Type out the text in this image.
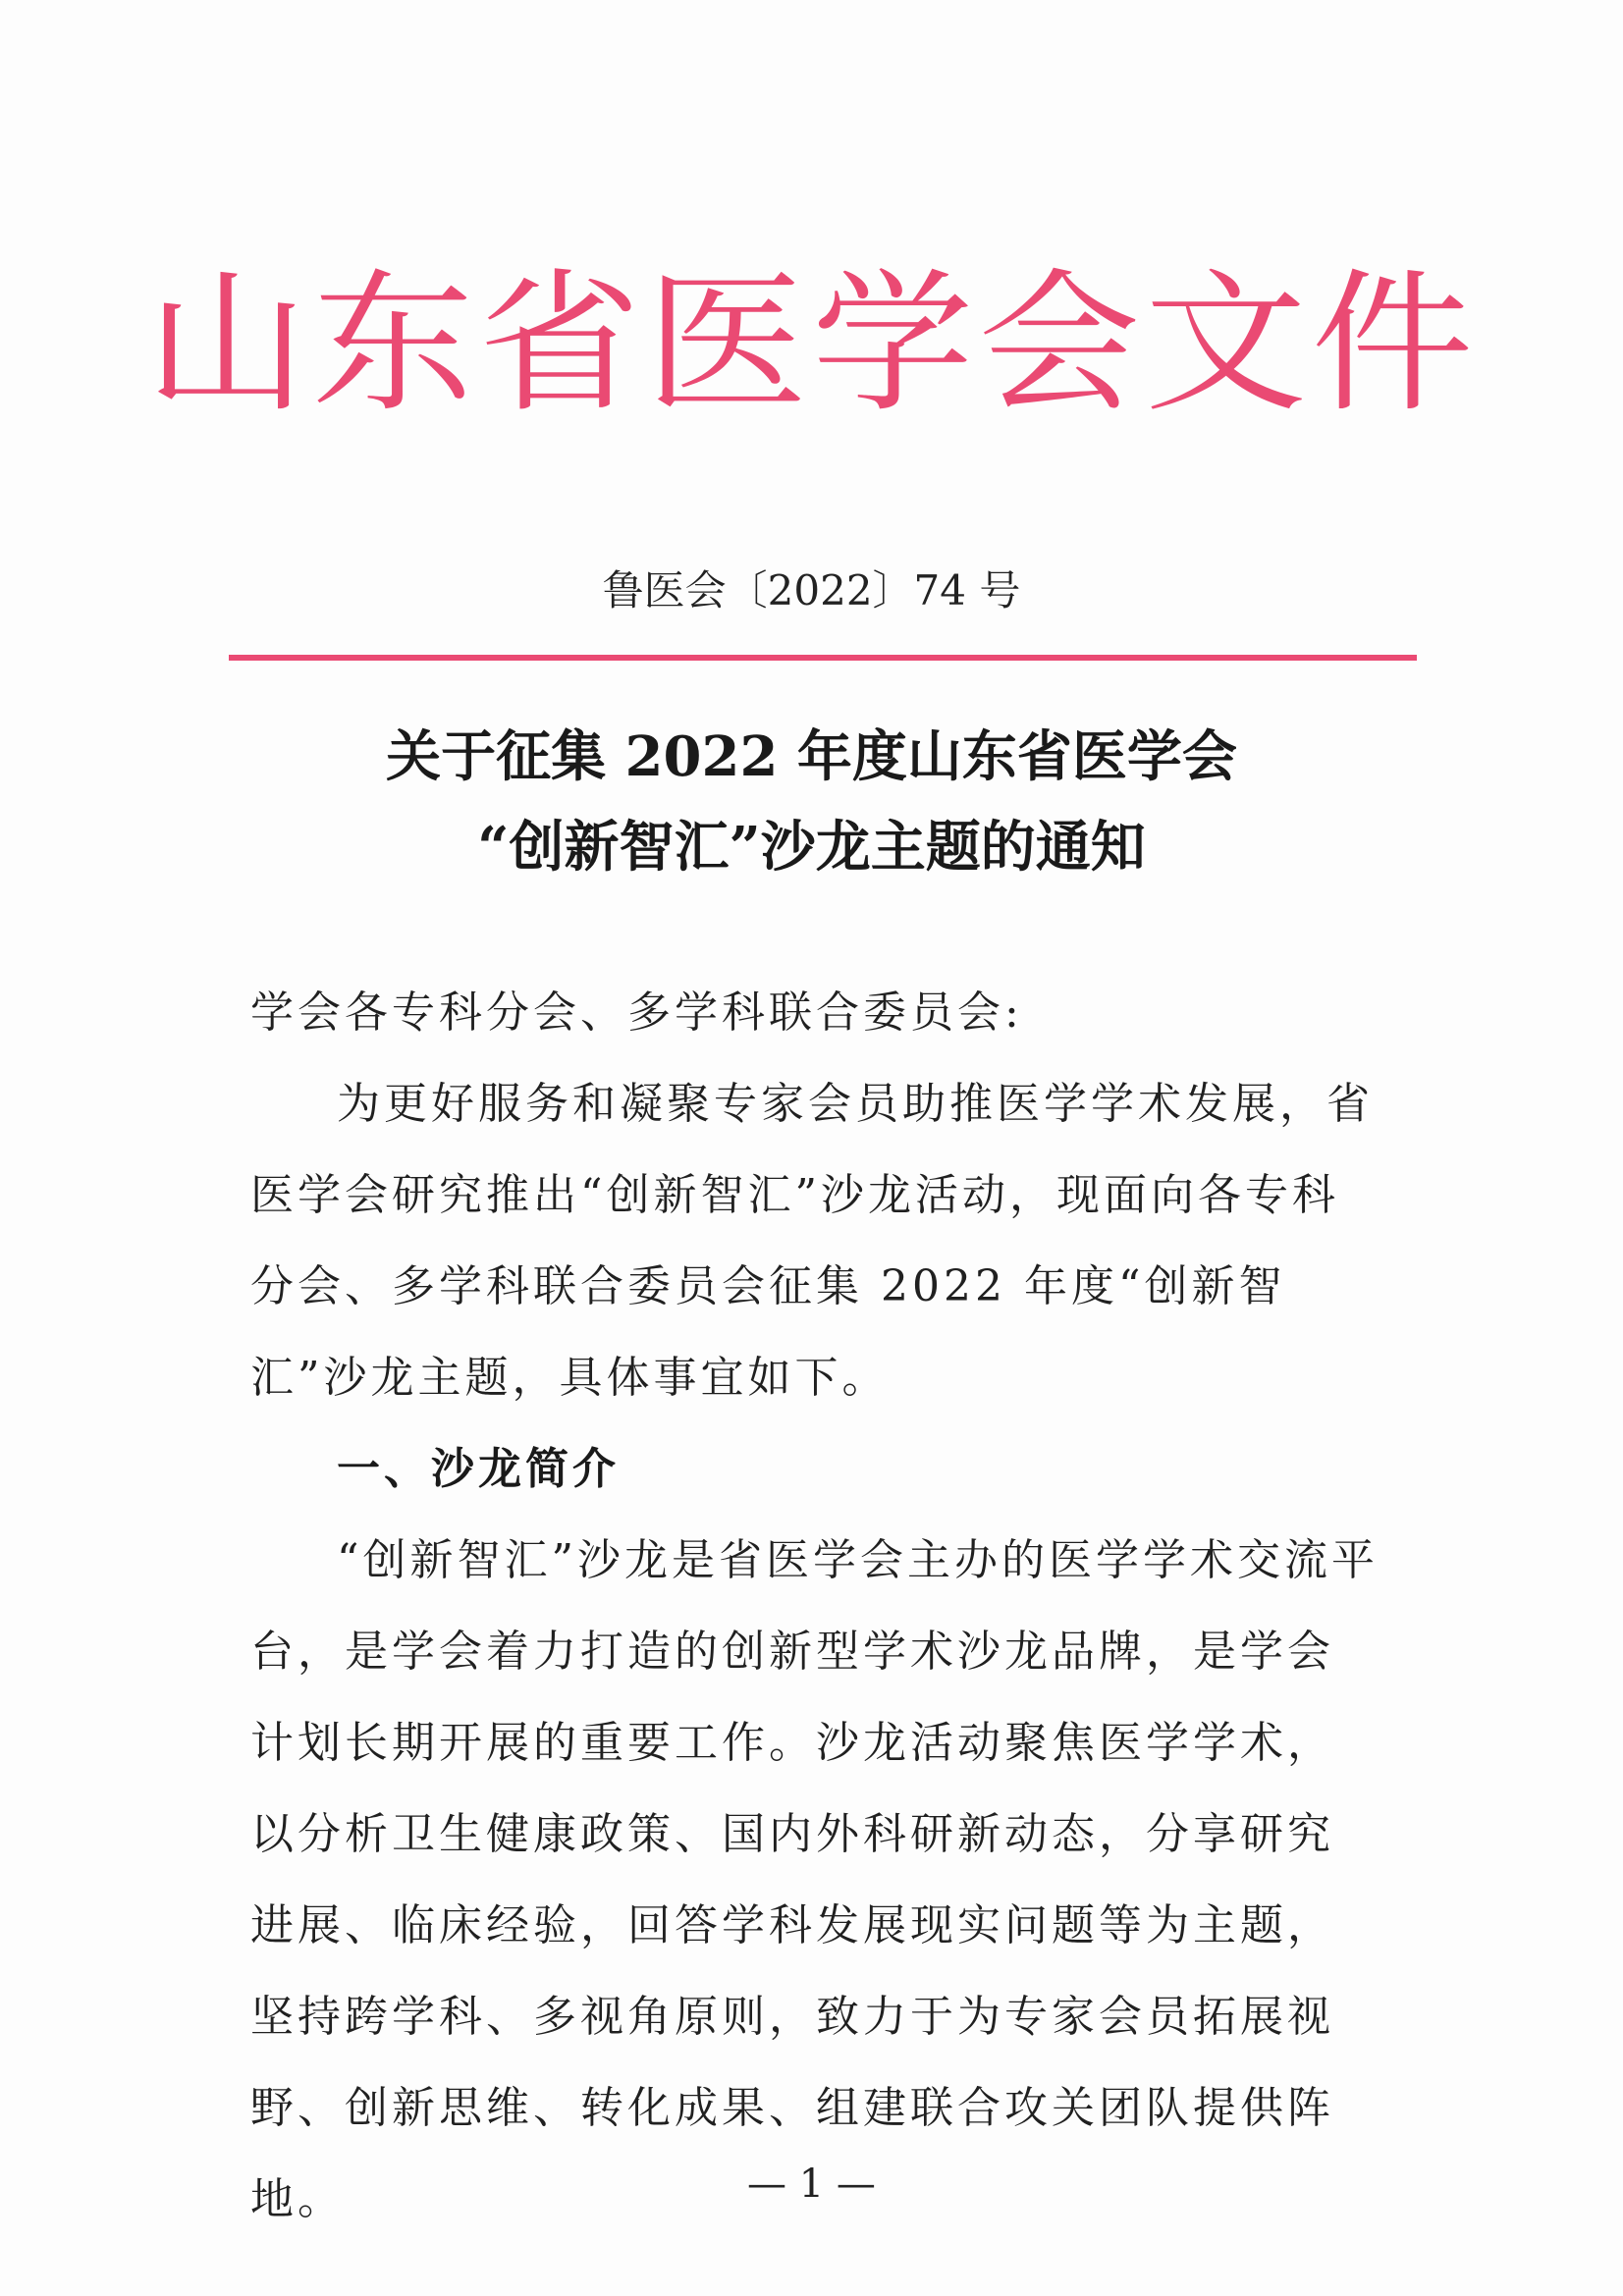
山东省医学会文件
鲁医会〔2022〕74 号
关于征集 2022 年度山东省医学会
“创新智汇”沙龙主题的通知
学会各专科分会、多学科联合委员会:
为更好服务和凝聚专家会员助推医学学术发展，省医学会研究推出“创新智汇”沙龙活动，现面向各专科分会、多学科联合委员会征集 2022 年度“创新智汇”沙龙主题，具体事宜如下。
一、沙龙简介
“创新智汇”沙龙是省医学会主办的医学学术交流平台，是学会着力打造的创新型学术沙龙品牌，是学会计划长期开展的重要工作。沙龙活动聚焦医学学术，以分析卫生健康政策、国内外科研新动态，分享研究进展、临床经验，回答学科发展现实问题等为主题，坚持跨学科、多视角原则，致力于为专家会员拓展视野、创新思维、转化成果、组建联合攻关团队提供阵地。	— 1 —
